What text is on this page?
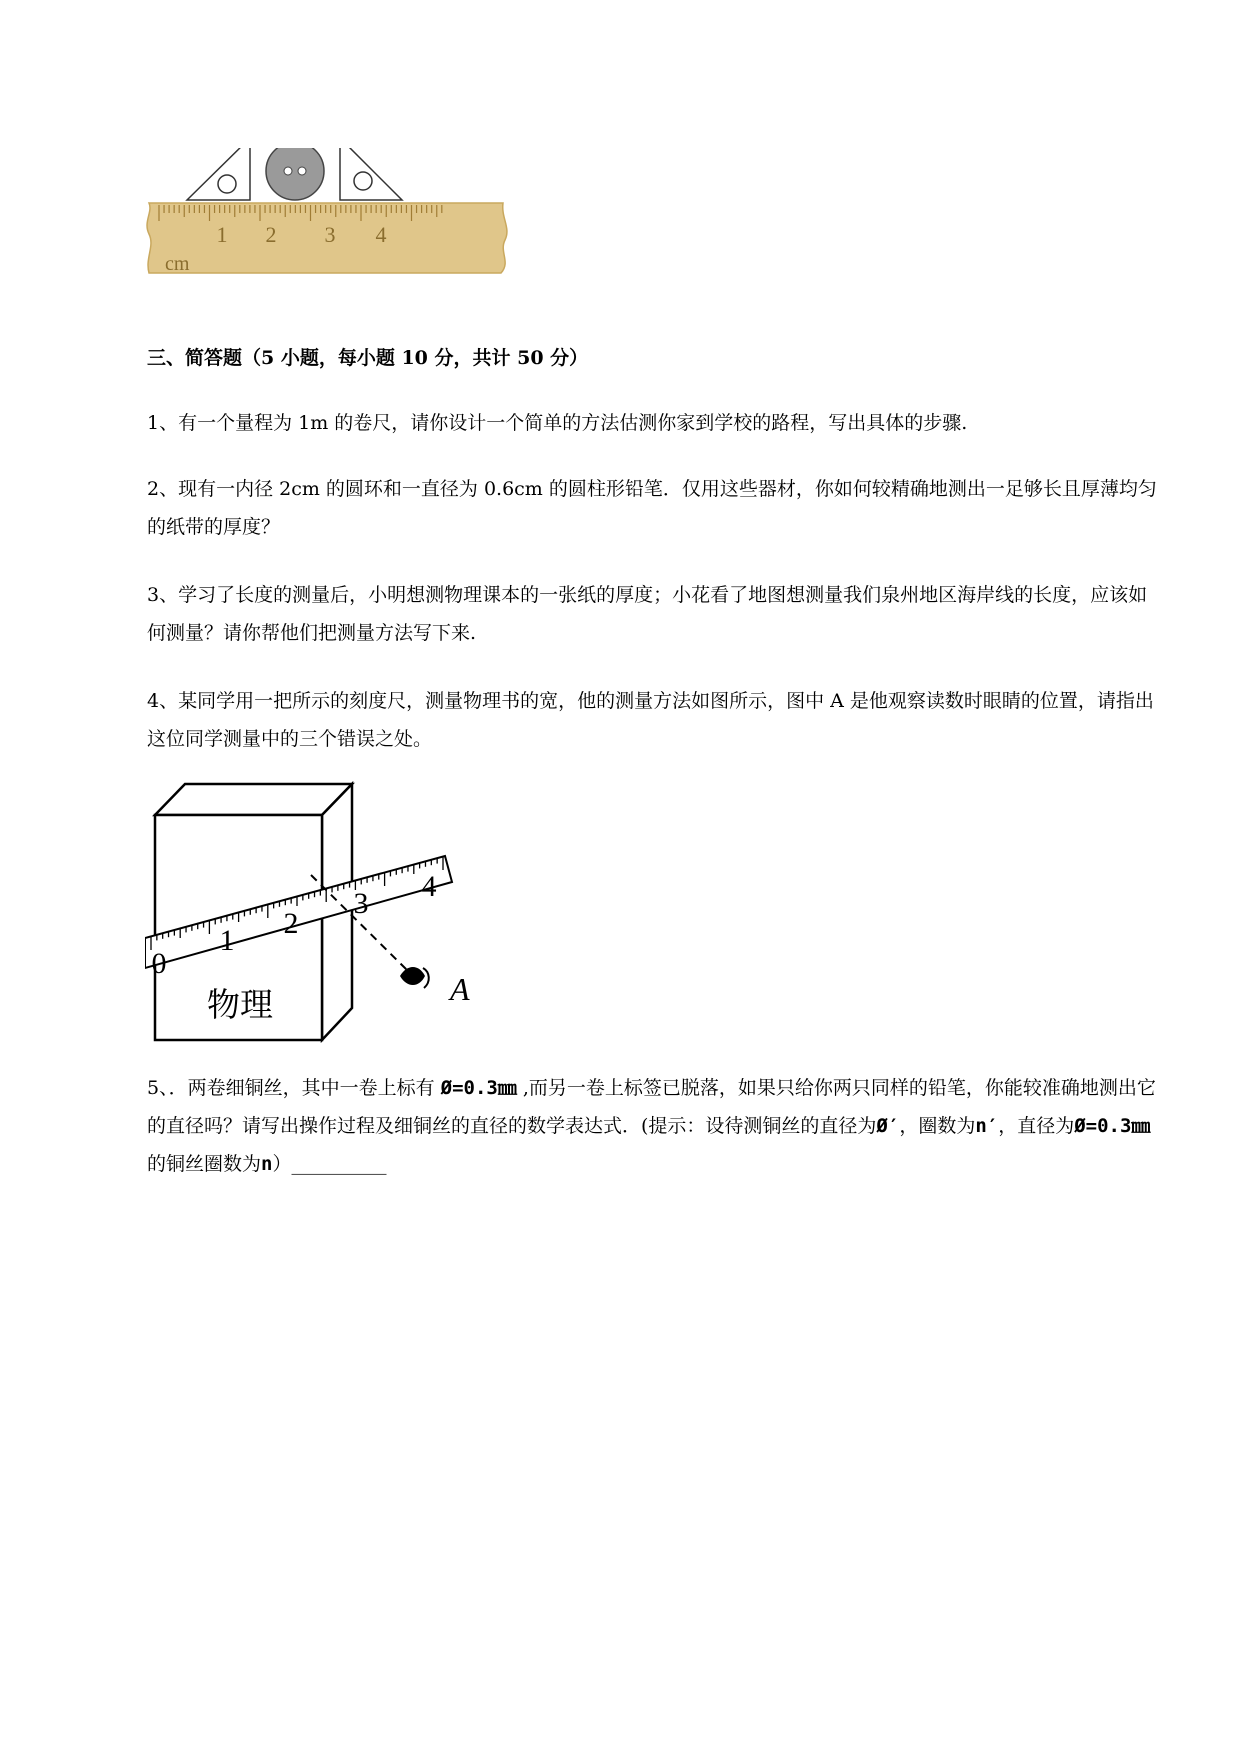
cm
1 2 3 4
三、简答题（5 小题，每小题 10 分，共计 50 分）
1、有一个量程为 1m 的卷尺，请你设计一个简单的方法估测你家到学校的路程，写出具体的步骤.
2、现有一内径 2cm 的圆环和一直径为 0.6cm 的圆柱形铅笔．仅用这些器材，你如何较精确地测出一足够长且厚薄均匀的纸带的厚度？
3、学习了长度的测量后，小明想测物理课本的一张纸的厚度；小花看了地图想测量我们泉州地区海岸线的长度，应该如何测量？请你帮他们把测量方法写下来.
4、某同学用一把所示的刻度尺，测量物理书的宽，他的测量方法如图所示，图中 A 是他观察读数时眼睛的位置，请指出这位同学测量中的三个错误之处。
物理
0
1
2
3
4
A
5、．两卷细铜丝，其中一卷上标有 Ø=0.3㎜ ,而另一卷上标签已脱落，如果只给你两只同样的铅笔，你能较准确地测出它的直径吗？请写出操作过程及细铜丝的直径的数学表达式．(提示：设待测铜丝的直径为Ø′，圈数为n′，直径为Ø=0.3㎜的铜丝圈数为n）__________
